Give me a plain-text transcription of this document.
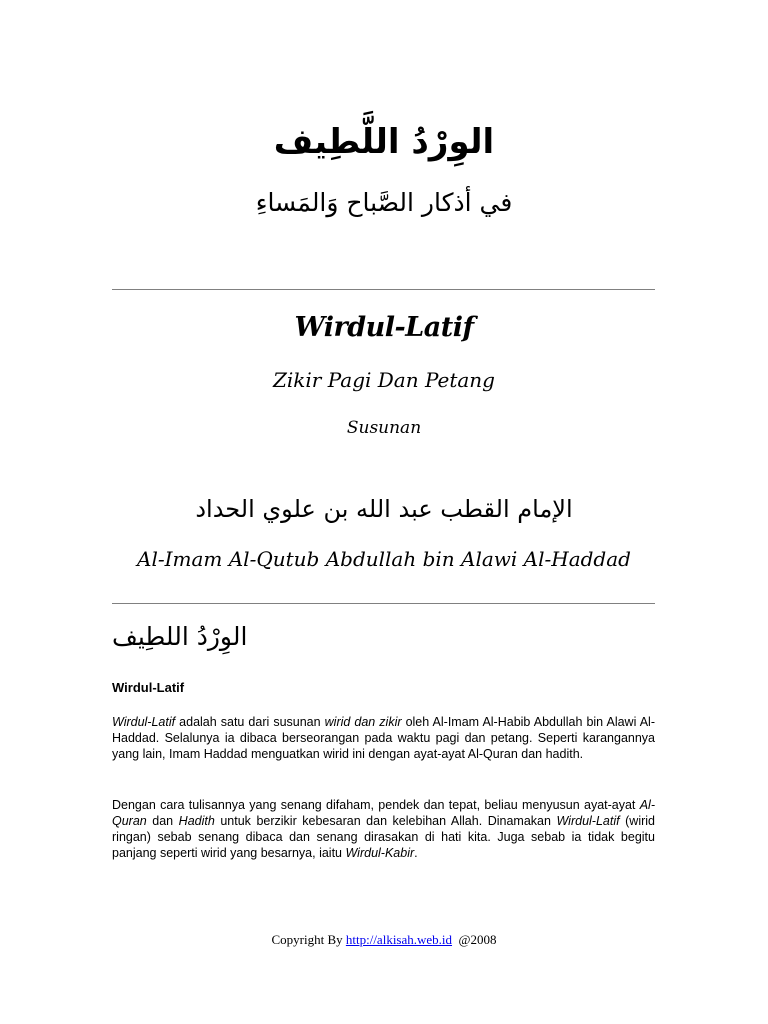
الوِرْدُ اللَّطِيف
في أذكار الصَّباح وَالمَساءِ
Wirdul-Latif
Zikir Pagi Dan Petang
Susunan
الإمام القطب عبد الله بن علوي الحداد
Al-Imam Al-Qutub Abdullah bin Alawi Al-Haddad
الوِرْدُ اللطِيف
Wirdul-Latif

Wirdul-Latif adalah satu dari susunan wirid dan zikir oleh Al-Imam Al-Habib Abdullah bin Alawi Al-Haddad. Selalunya ia dibaca berseorangan pada waktu pagi dan petang. Seperti karangannya yang lain, Imam Haddad menguatkan wirid ini dengan ayat-ayat Al-Quran dan hadith.

Dengan cara tulisannya yang senang difaham, pendek dan tepat, beliau menyusun ayat-ayat Al-Quran dan Hadith untuk berzikir kebesaran dan kelebihan Allah. Dinamakan Wirdul-Latif (wirid ringan) sebab senang dibaca dan senang dirasakan di hati kita. Juga sebab ia tidak begitu panjang seperti wirid yang besarnya, iaitu Wirdul-Kabir.

Copyright By http://alkisah.web.id @2008
